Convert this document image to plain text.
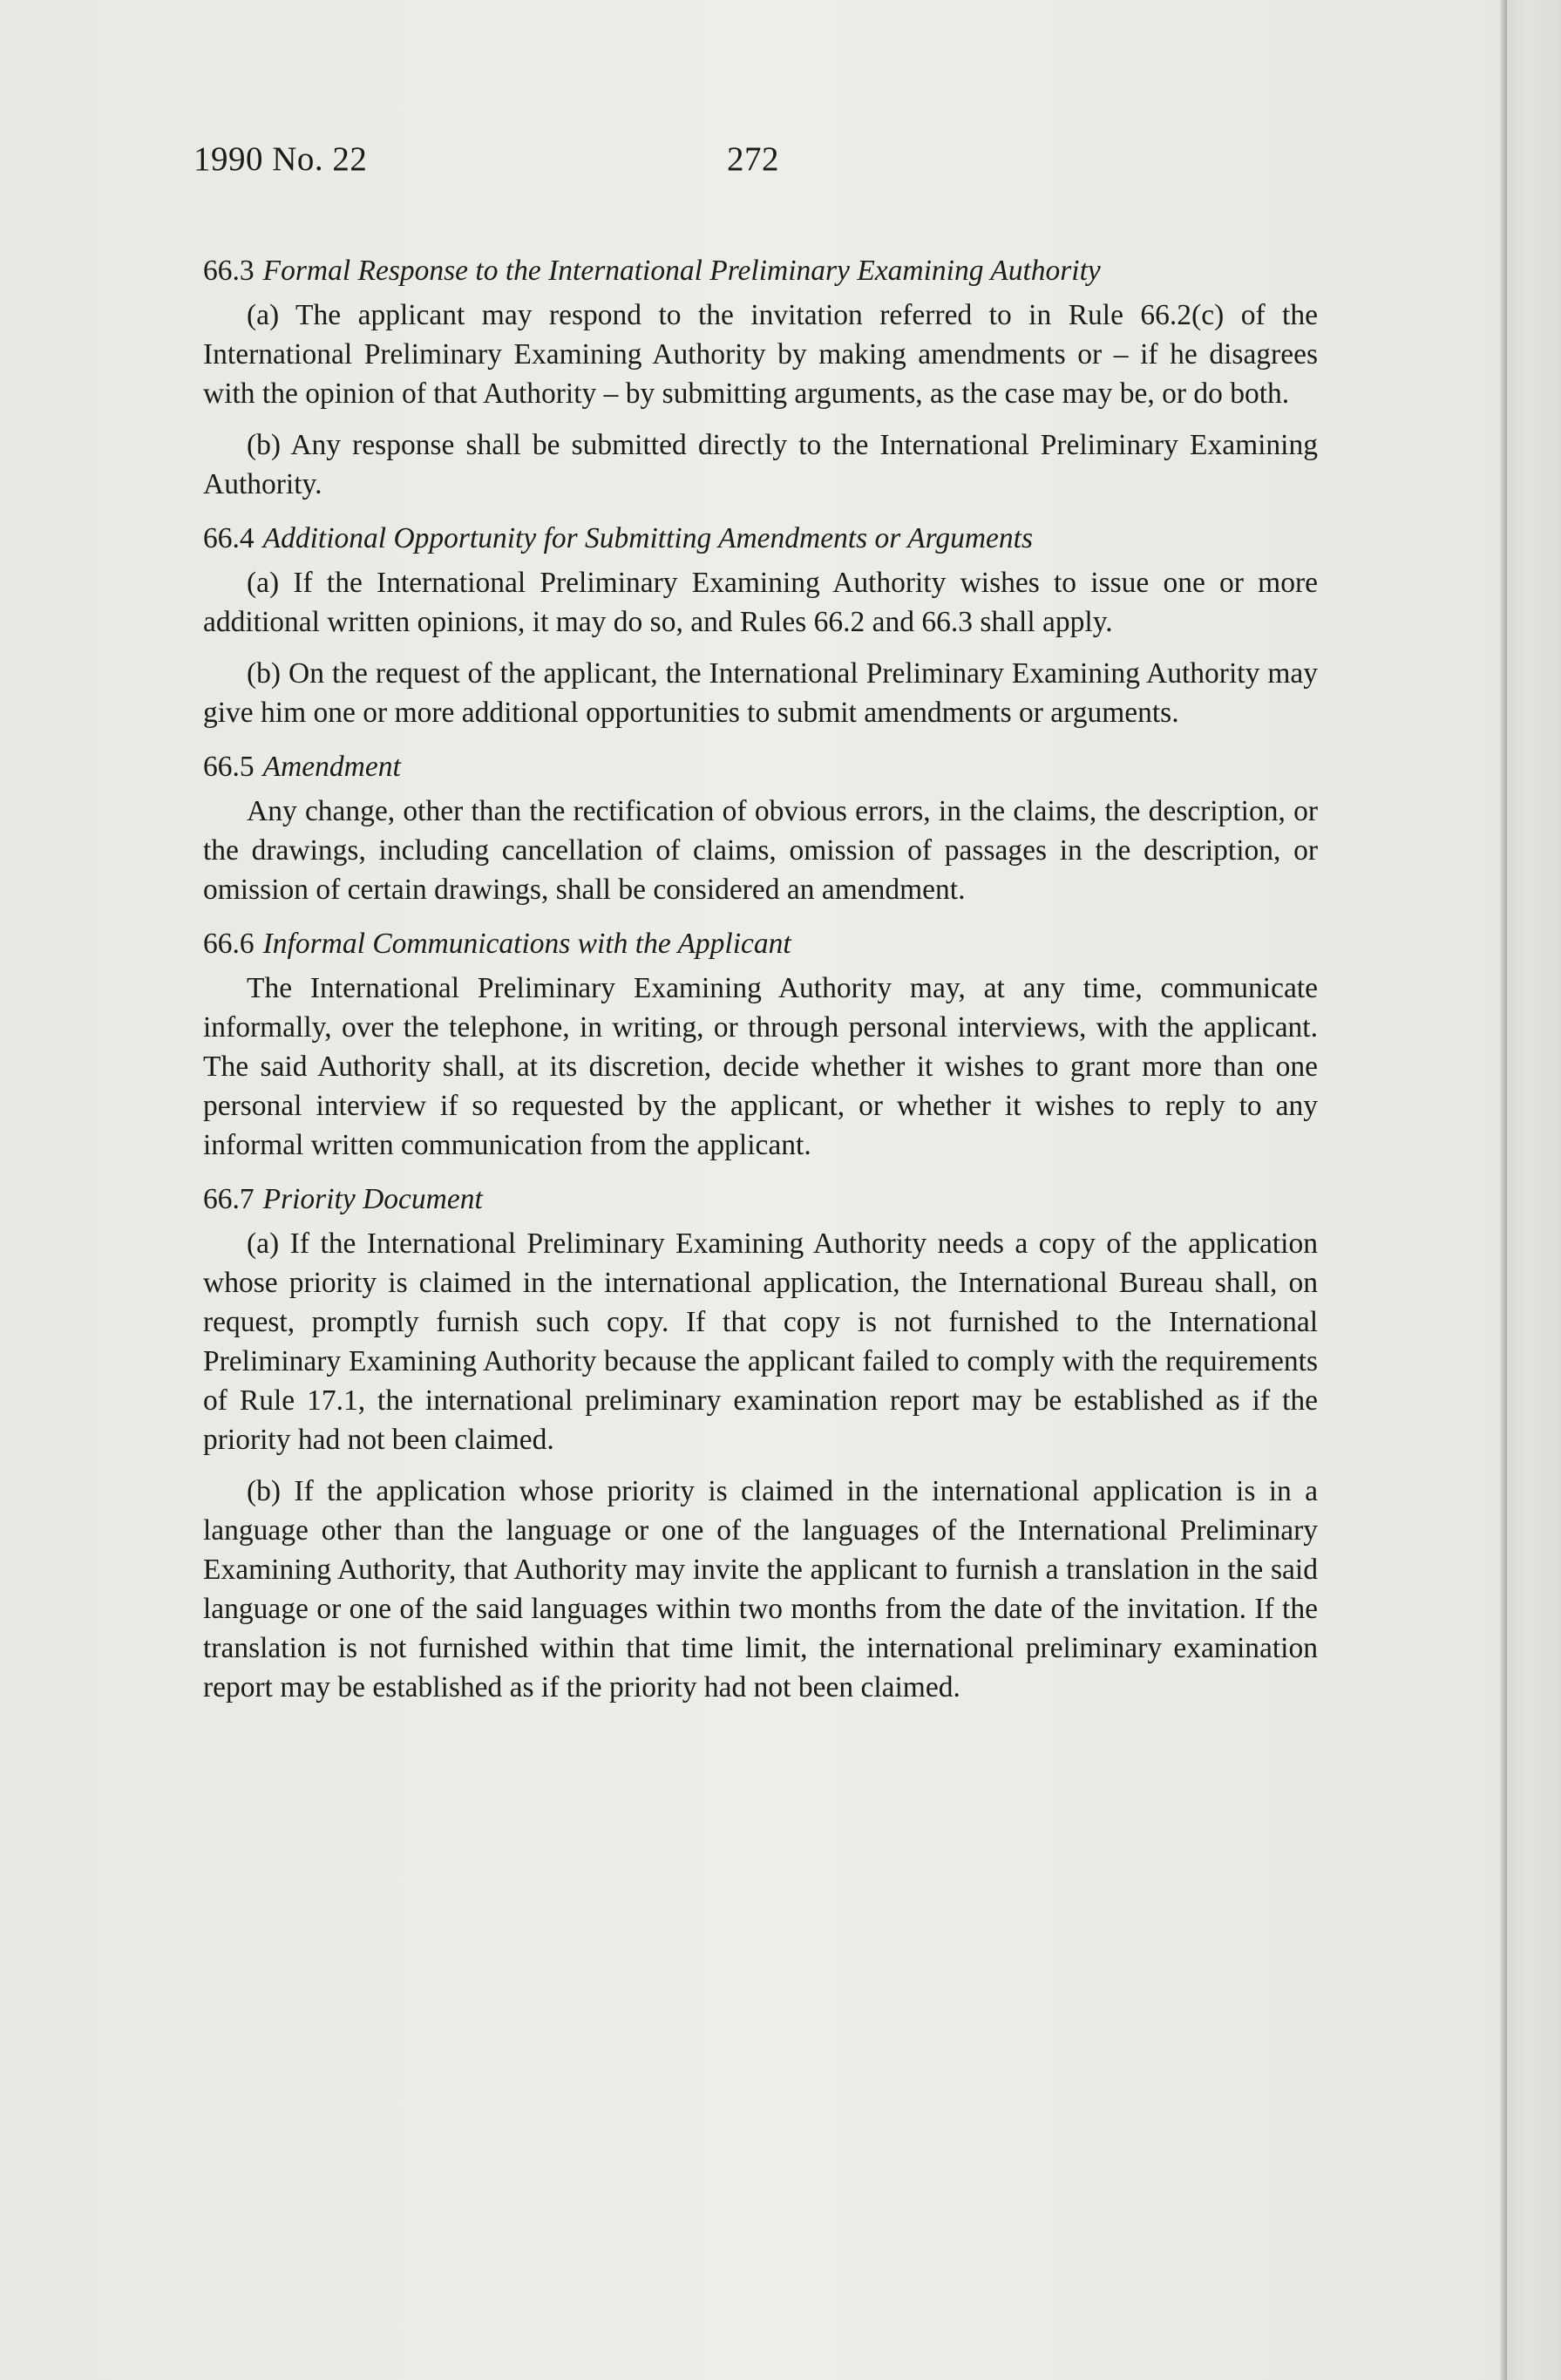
1990 No. 22	272

66.3 Formal Response to the International Preliminary Examining Authority

(a) The applicant may respond to the invitation referred to in Rule 66.2(c) of the International Preliminary Examining Authority by making amendments or – if he disagrees with the opinion of that Authority – by submitting arguments, as the case may be, or do both.

(b) Any response shall be submitted directly to the International Preliminary Examining Authority.

66.4 Additional Opportunity for Submitting Amendments or Arguments

(a) If the International Preliminary Examining Authority wishes to issue one or more additional written opinions, it may do so, and Rules 66.2 and 66.3 shall apply.

(b) On the request of the applicant, the International Preliminary Examining Authority may give him one or more additional opportunities to submit amendments or arguments.

66.5 Amendment

Any change, other than the rectification of obvious errors, in the claims, the description, or the drawings, including cancellation of claims, omission of passages in the description, or omission of certain drawings, shall be considered an amendment.

66.6 Informal Communications with the Applicant

The International Preliminary Examining Authority may, at any time, communicate informally, over the telephone, in writing, or through personal interviews, with the applicant. The said Authority shall, at its discretion, decide whether it wishes to grant more than one personal interview if so requested by the applicant, or whether it wishes to reply to any informal written communication from the applicant.

66.7 Priority Document

(a) If the International Preliminary Examining Authority needs a copy of the application whose priority is claimed in the international application, the International Bureau shall, on request, promptly furnish such copy. If that copy is not furnished to the International Preliminary Examining Authority because the applicant failed to comply with the requirements of Rule 17.1, the international preliminary examination report may be established as if the priority had not been claimed.

(b) If the application whose priority is claimed in the international application is in a language other than the language or one of the languages of the International Preliminary Examining Authority, that Authority may invite the applicant to furnish a translation in the said language or one of the said languages within two months from the date of the invitation. If the translation is not furnished within that time limit, the international preliminary examination report may be established as if the priority had not been claimed.
